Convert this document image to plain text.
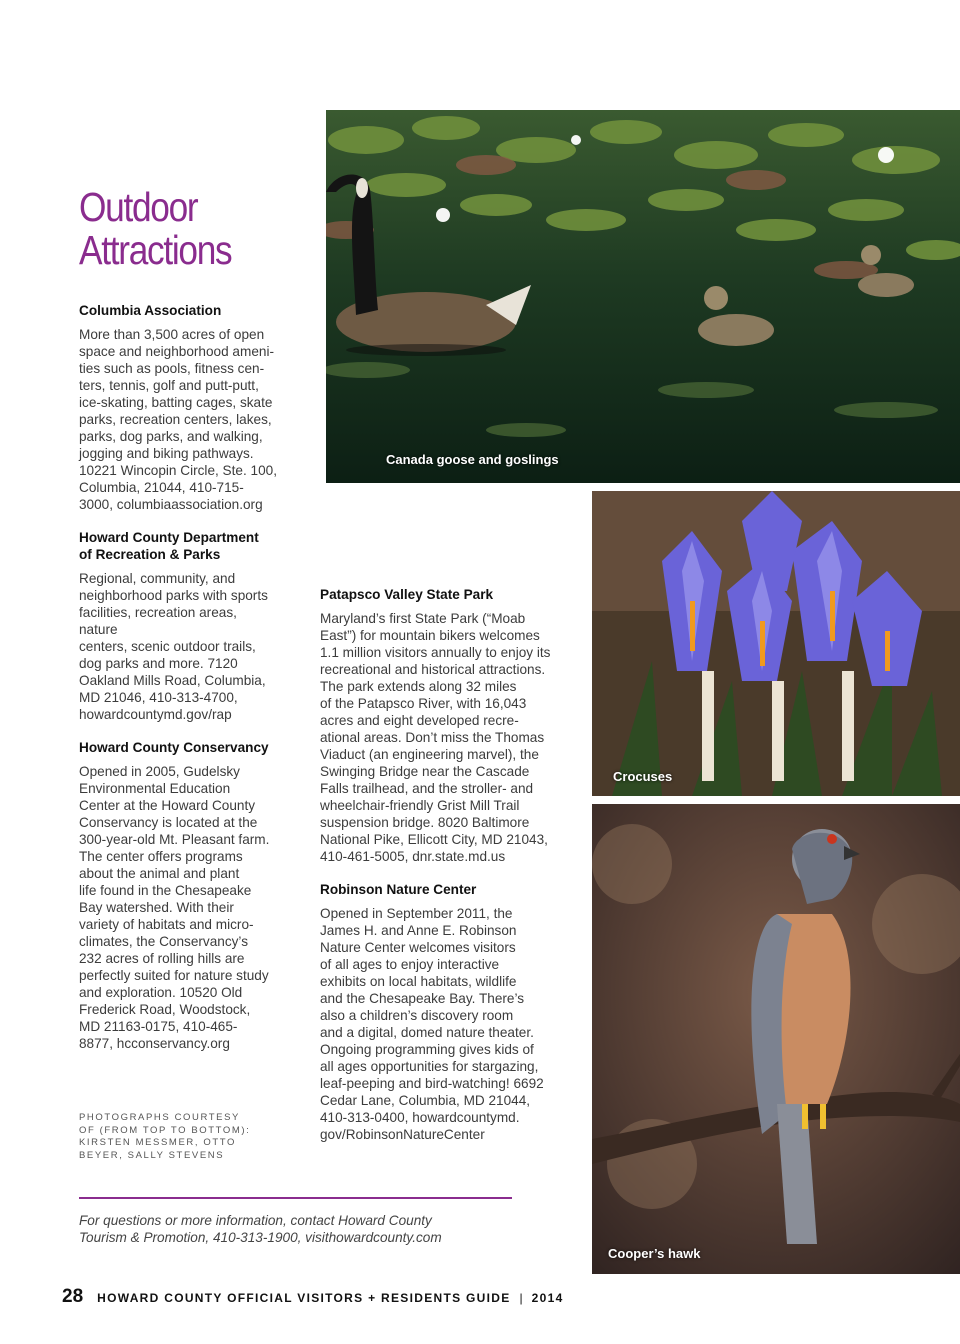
Outdoor Attractions
Columbia Association

More than 3,500 acres of open
space and neighborhood ameni-
ties such as pools, fitness cen-
ters, tennis, golf and putt-putt,
ice-skating, batting cages, skate
parks, recreation centers, lakes,
parks, dog parks, and walking,
jogging and biking pathways.
10221 Wincopin Circle, Ste. 100,
Columbia, 21044, 410-715-
3000, columbiaassociation.org

Howard County Department
of Recreation & Parks

Regional, community, and
neighborhood parks with sports
facilities, recreation areas, nature
centers, scenic outdoor trails,
dog parks and more. 7120
Oakland Mills Road, Columbia,
MD 21046, 410-313-4700,
howardcountymd.gov/rap

Howard County Conservancy

Opened in 2005, Gudelsky
Environmental Education
Center at the Howard County
Conservancy is located at the
300-year-old Mt. Pleasant farm.
The center offers programs
about the animal and plant
life found in the Chesapeake
Bay watershed. With their
variety of habitats and micro-
climates, the Conservancy’s
232 acres of rolling hills are
perfectly suited for nature study
and exploration. 10520 Old
Frederick Road, Woodstock,
MD 21163-0175, 410-465-
8877, hcconservancy.org

Patapsco Valley State Park

Maryland’s first State Park (“Moab
East”) for mountain bikers welcomes
1.1 million visitors annually to enjoy its
recreational and historical attractions.
The park extends along 32 miles
of the Patapsco River, with 16,043
acres and eight developed recre-
ational areas. Don’t miss the Thomas
Viaduct (an engineering marvel), the
Swinging Bridge near the Cascade
Falls trailhead, and the stroller- and
wheelchair-friendly Grist Mill Trail
suspension bridge. 8020 Baltimore
National Pike, Ellicott City, MD 21043,
410-461-5005, dnr.state.md.us

Robinson Nature Center

Opened in September 2011, the
James H. and Anne E. Robinson
Nature Center welcomes visitors
of all ages to enjoy interactive
exhibits on local habitats, wildlife
and the Chesapeake Bay. There’s
also a children’s discovery room
and a digital, domed nature theater.
Ongoing programming gives kids of
all ages opportunities for stargazing,
leaf-peeping and bird-watching! 6692
Cedar Lane, Columbia, MD 21044,
410-313-0400, howardcountymd.
gov/RobinsonNatureCenter

PHOTOGRAPHS COURTESY
OF (FROM TOP TO BOTTOM):
KIRSTEN MESSMER, OTTO
BEYER, SALLY STEVENS
For questions or more information, contact Howard County
Tourism & Promotion, 410-313-1900, visithowardcounty.com
Canada goose and goslings
Crocuses
Cooper’s hawk
28 HOWARD COUNTY OFFICIAL VISITORS + RESIDENTS GUIDE | 2014
